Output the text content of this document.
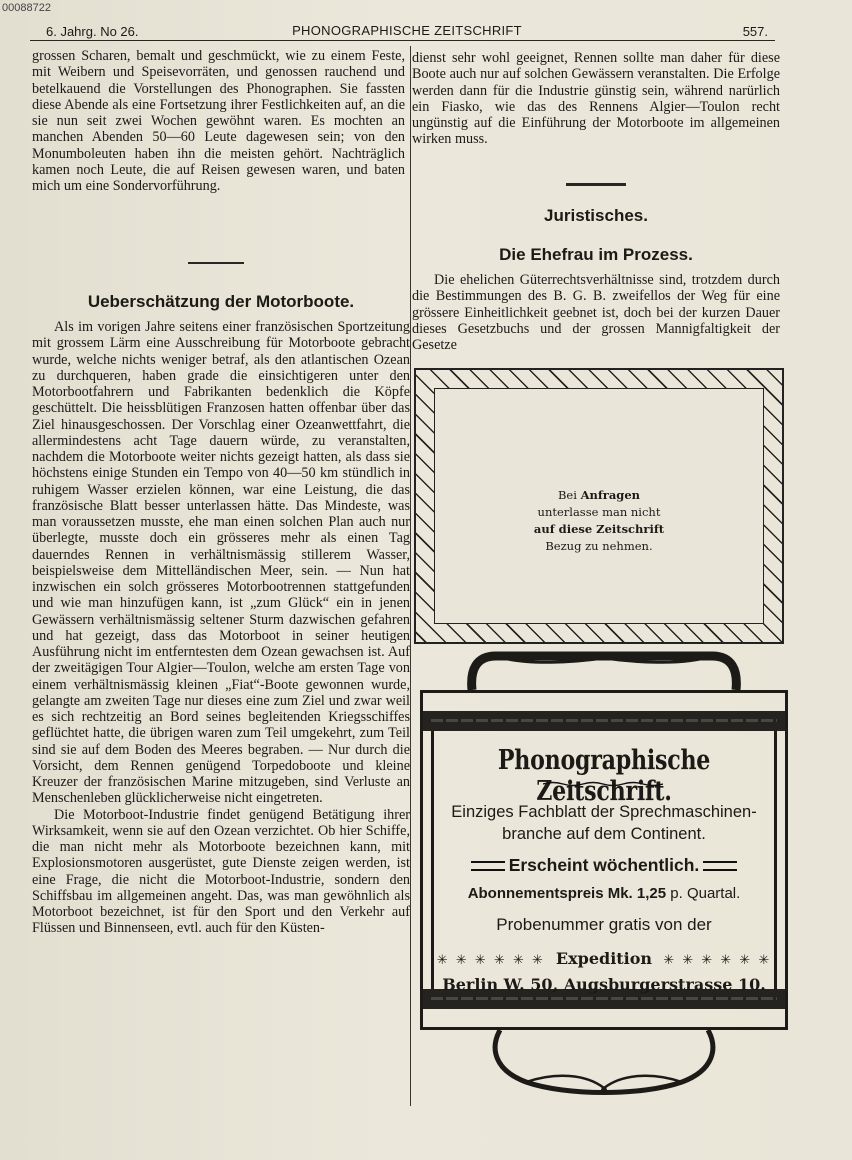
00088722
6. Jahrg. No 26.	PHONOGRAPHISCHE ZEITSCHRIFT	557.

grossen Scharen, bemalt und geschmückt, wie zu einem Feste, mit Weibern und Speisevorräten, und genossen rauchend und betelkauend die Vorstellungen des Phonographen. Sie fassten diese Abende als eine Fortsetzung ihrer Festlichkeiten auf, an die sie nun seit zwei Wochen gewöhnt waren. Es mochten an manchen Abenden 50—60 Leute dagewesen sein; von den Monumboleuten haben ihn die meisten gehört. Nachträglich kamen noch Leute, die auf Reisen gewesen waren, und baten mich um eine Sondervorführung.

Ueberschätzung der Motorboote.

Als im vorigen Jahre seitens einer französischen Sportzeitung mit grossem Lärm eine Ausschreibung für Motorboote gebracht wurde, welche nichts weniger betraf, als den atlantischen Ozean zu durchqueren, haben grade die einsichtigeren unter den Motorbootfahrern und Fabrikanten bedenklich die Köpfe geschüttelt. Die heissblütigen Franzosen hatten offenbar über das Ziel hinausgeschossen. Der Vorschlag einer Ozeanwettfahrt, die allermindestens acht Tage dauern würde, zu veranstalten, nachdem die Motorboote weiter nichts gezeigt hatten, als dass sie höchstens einige Stunden ein Tempo von 40—50 km stündlich in ruhigem Wasser erzielen können, war eine Leistung, die das französische Blatt besser unterlassen hätte. Das Mindeste, was man voraussetzen musste, ehe man einen solchen Plan auch nur überlegte, musste doch ein grösseres mehr als einen Tag dauerndes Rennen in verhältnismässig stillerem Wasser, beispielsweise dem Mittelländischen Meer, sein. — Nun hat inzwischen ein solch grösseres Motorbootrennen stattgefunden und wie man hinzufügen kann, ist „zum Glück“ ein in jenen Gewässern verhältnismässig seltener Sturm dazwischen gefahren und hat gezeigt, dass das Motorboot in seiner heutigen Ausführung nicht im entferntesten dem Ozean gewachsen ist. Auf der zweitägigen Tour Algier—Toulon, welche am ersten Tage von einem verhältnismässig kleinen „Fiat“-Boote gewonnen wurde, gelangte am zweiten Tage nur dieses eine zum Ziel und zwar weil es sich rechtzeitig an Bord seines begleitenden Kriegsschiffes geflüchtet hatte, die übrigen waren zum Teil umgekehrt, zum Teil sind sie auf dem Boden des Meeres begraben. — Nur durch die Vorsicht, dem Rennen genügend Torpedoboote und kleine Kreuzer der französischen Marine mitzugeben, sind Verluste an Menschenleben glücklicherweise nicht eingetreten.

Die Motorboot-Industrie findet genügend Betätigung ihrer Wirksamkeit, wenn sie auf den Ozean verzichtet. Ob hier Schiffe, die man nicht mehr als Motorboote bezeichnen kann, mit Explosionsmotoren ausgerüstet, gute Dienste zeigen werden, ist eine Frage, die nicht die Motorboot-Industrie, sondern den Schiffsbau im allgemeinen angeht. Das, was man gewöhnlich als Motorboot bezeichnet, ist für den Sport und den Verkehr auf Flüssen und Binnenseen, evtl. auch für den Küsten-

dienst sehr wohl geeignet, Rennen sollte man daher für diese Boote auch nur auf solchen Gewässern veranstalten. Die Erfolge werden dann für die Industrie günstig sein, während narürlich ein Fiasko, wie das des Rennens Algier—Toulon recht ungünstig auf die Einführung der Motorboote im allgemeinen wirken muss.

Juristisches.
Die Ehefrau im Prozess.

Die ehelichen Güterrechtsverhältnisse sind, trotzdem durch die Bestimmungen des B. G. B. zweifellos der Weg für eine grössere Einheitlichkeit geebnet ist, doch bei der kurzen Dauer dieses Gesetzbuchs und der grossen Mannigfaltigkeit der Gesetze

Bei Anfragen
unterlasse man nicht
auf diese Zeitschrift
Bezug zu nehmen.
Phonographische Zeitschrift.
Einziges Fachblatt der Sprechmaschinen-
branche auf dem Continent.
Erscheint wöchentlich.
Abonnementspreis Mk. 1,25 p. Quartal.
Probenummer gratis von der
✳ ✳ ✳ ✳ ✳ ✳ Expedition ✳ ✳ ✳ ✳ ✳ ✳
Berlin W. 50, Augsburgerstrasse 10.
